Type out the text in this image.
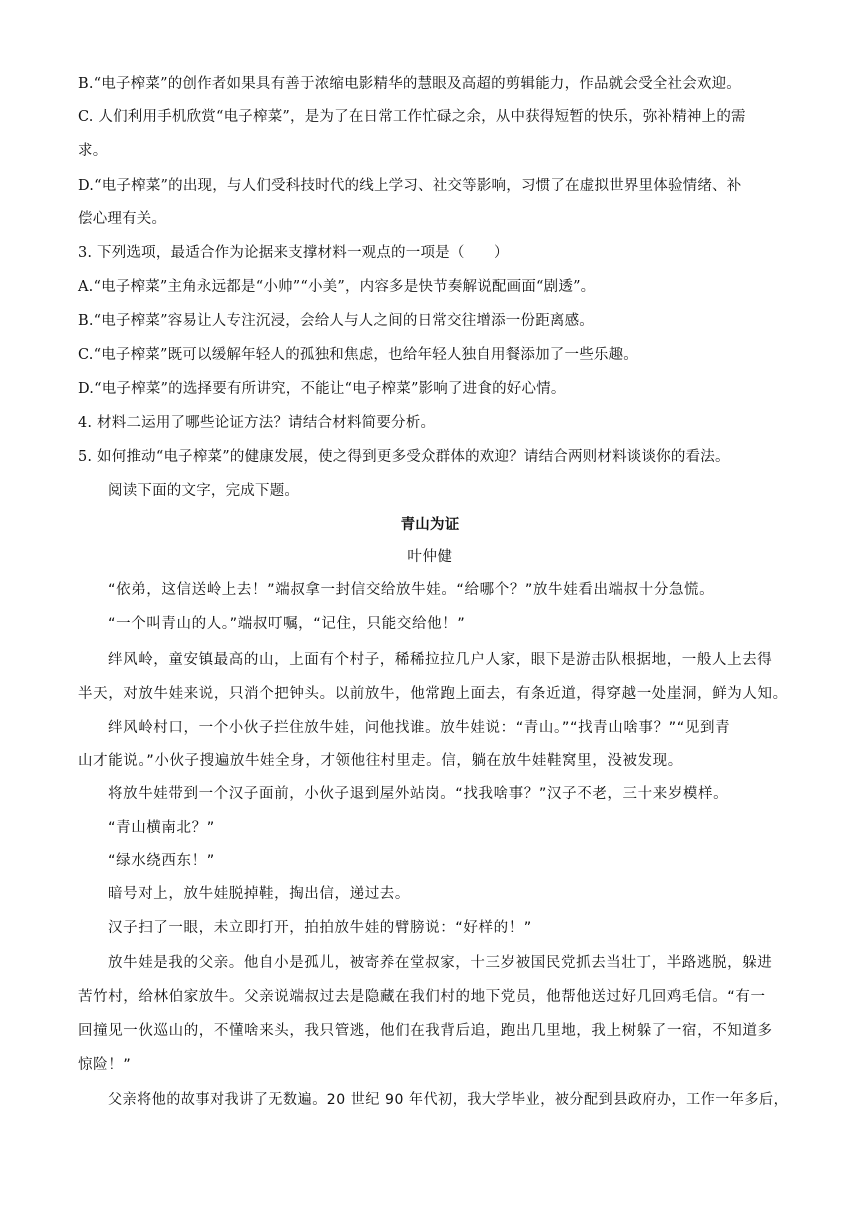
B.“电子榨菜”的创作者如果具有善于浓缩电影精华的慧眼及高超的剪辑能力，作品就会受全社会欢迎。
C. 人们利用手机欣赏“电子榨菜”，是为了在日常工作忙碌之余，从中获得短暂的快乐，弥补精神上的需
求。
D.“电子榨菜”的出现，与人们受科技时代的线上学习、社交等影响，习惯了在虚拟世界里体验情绪、补
偿心理有关。
3. 下列选项，最适合作为论据来支撑材料一观点的一项是（　　）
A.“电子榨菜”主角永远都是“小帅”“小美”，内容多是快节奏解说配画面“剧透”。
B.“电子榨菜”容易让人专注沉浸，会给人与人之间的日常交往增添一份距离感。
C.“电子榨菜”既可以缓解年轻人的孤独和焦虑，也给年轻人独自用餐添加了一些乐趣。
D.“电子榨菜”的选择要有所讲究，不能让“电子榨菜”影响了进食的好心情。
4. 材料二运用了哪些论证方法？请结合材料简要分析。
5. 如何推动“电子榨菜”的健康发展，使之得到更多受众群体的欢迎？请结合两则材料谈谈你的看法。
阅读下面的文字，完成下题。
青山为证
叶仲健
“依弟，这信送岭上去！”端叔拿一封信交给放牛娃。“给哪个？”放牛娃看出端叔十分急慌。
“一个叫青山的人。”端叔叮嘱，“记住，只能交给他！”
绊风岭，童安镇最高的山，上面有个村子，稀稀拉拉几户人家，眼下是游击队根据地，一般人上去得
半天，对放牛娃来说，只消个把钟头。以前放牛，他常跑上面去，有条近道，得穿越一处崖洞，鲜为人知。
绊风岭村口，一个小伙子拦住放牛娃，问他找谁。放牛娃说：“青山。”“找青山啥事？”“见到青
山才能说。”小伙子搜遍放牛娃全身，才领他往村里走。信，躺在放牛娃鞋窝里，没被发现。
将放牛娃带到一个汉子面前，小伙子退到屋外站岗。“找我啥事？”汉子不老，三十来岁模样。
“青山横南北？”
“绿水绕西东！”
暗号对上，放牛娃脱掉鞋，掏出信，递过去。
汉子扫了一眼，未立即打开，拍拍放牛娃的臂膀说：“好样的！”
放牛娃是我的父亲。他自小是孤儿，被寄养在堂叔家，十三岁被国民党抓去当壮丁，半路逃脱，躲进
苦竹村，给林伯家放牛。父亲说端叔过去是隐藏在我们村的地下党员，他帮他送过好几回鸡毛信。“有一
回撞见一伙巡山的，不懂啥来头，我只管逃，他们在我背后追，跑出几里地，我上树躲了一宿，不知道多
惊险！”
父亲将他的故事对我讲了无数遍。20 世纪 90 年代初，我大学毕业，被分配到县政府办，工作一年多后，
